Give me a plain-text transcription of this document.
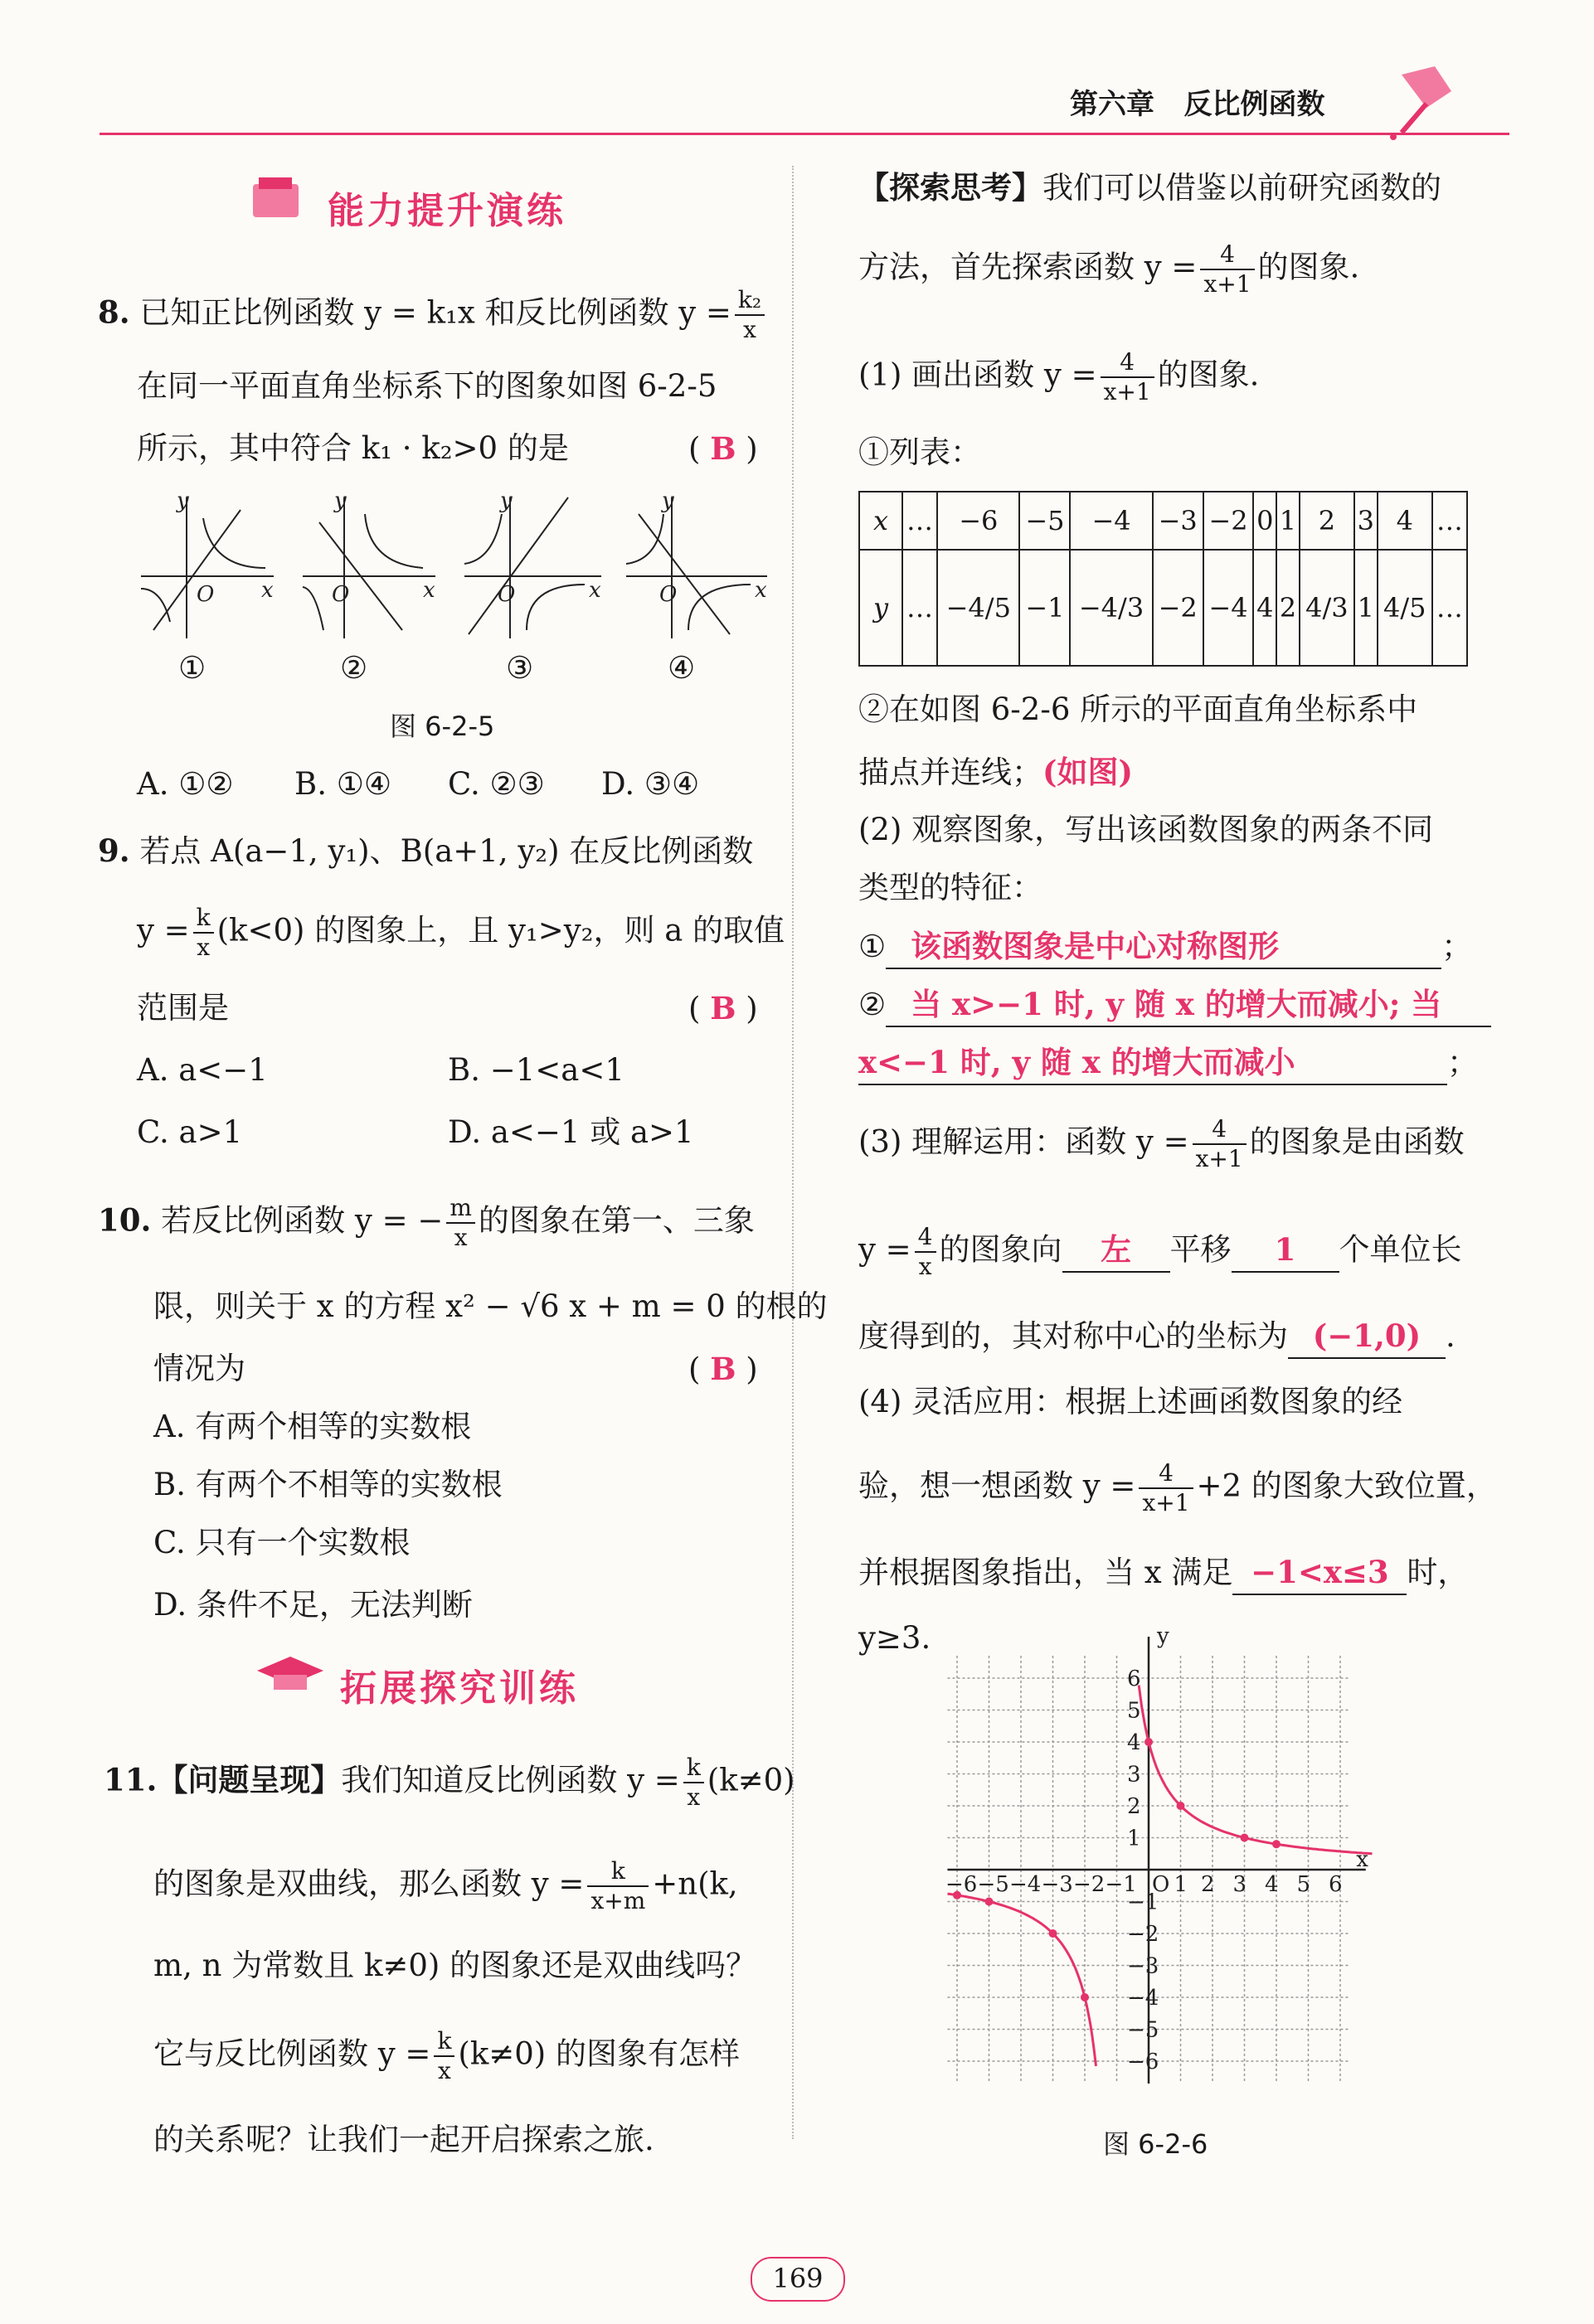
第六章 反比例函数
能力提升演练
8. 已知正比例函数 y = k₁x 和反比例函数 $y = \frac{\text{k₂}}{x}$
在同一平面直角坐标系下的图象如图 6-2-5
所示，其中符合 k₁ · k₂>0 的是	( B )
y
x
O
y
x
O
y
x
O
y
x
O
①	②	③	④
图 6-2-5
A. ①② B. ①④ C. ②③ D. ③④
9. 若点 A(a−1, y₁)、B(a+1, y₂) 在反比例函数
$y = \frac{k}{x} (k<0)$ 的图象上，且 y₁>y₂，则 a 的取值
范围是	( B )
A. a<−1	B. −1<a<1
C. a>1	D. a<−1 或 a>1
10. 若反比例函数 y = − $\frac{m}{x}$ 的图象在第一、三象
限，则关于 x 的方程 x² − √6 x + m = 0 的根的
情况为	( B )
A. 有两个相等的实数根
B. 有两个不相等的实数根
C. 只有一个实数根
D. 条件不足，无法判断
拓展探究训练
11.【问题呈现】我们知道反比例函数 $y = \frac{k}{x} (k\ne 0)$
的图象是双曲线，那么函数 $y = \frac{k}{x+m} +n(k$,
m, n 为常数且 k≠0) 的图象还是双曲线吗？
它与反比例函数 $y = \frac{k}{x} (k\ne 0)$ 的图象有怎样
的关系呢？让我们一起开启探索之旅.
【探索思考】我们可以借鉴以前研究函数的
方法，首先探索函数 $y = \frac{4}{x+1}$ 的图象.
(1) 画出函数 $y = \frac{4}{x+1}$ 的图象.
①列表：
x	…	−6	−5	−4	−3	−2	0	1	2	3	4	…
y	…	−4/5	−1	−4/3	−2	−4	4	2	4/3	1	4/5	…
②在如图 6-2-6 所示的平面直角坐标系中
描点并连线；(如图)
(2) 观察图象，写出该函数图象的两条不同
类型的特征：
① 该函数图象是中心对称图形	；
② 当 x>−1 时, y 随 x 的增大而减小; 当
x<−1 时, y 随 x 的增大而减小	；
(3) 理解运用：函数 $y = \frac{4}{x+1}$ 的图象是由函数
$y = \frac{4}{x}$ 的图象向 左 平移 1 个单位长
度得到的，其对称中心的坐标为 (−1,0) .
(4) 灵活应用：根据上述画函数图象的经
验，想一想函数 $y = \frac{4}{x+1} +2$ 的图象大致位置，
并根据图象指出，当 x 满足 −1<x≤3 时，
y≥3.
−6 −5 −4 −3 −2 −1	2 3 4 5 6
6
5
4
3
2
1
−1
−2
−3
−4
−5
−6
O 1
x
y
图 6-2-6
169
